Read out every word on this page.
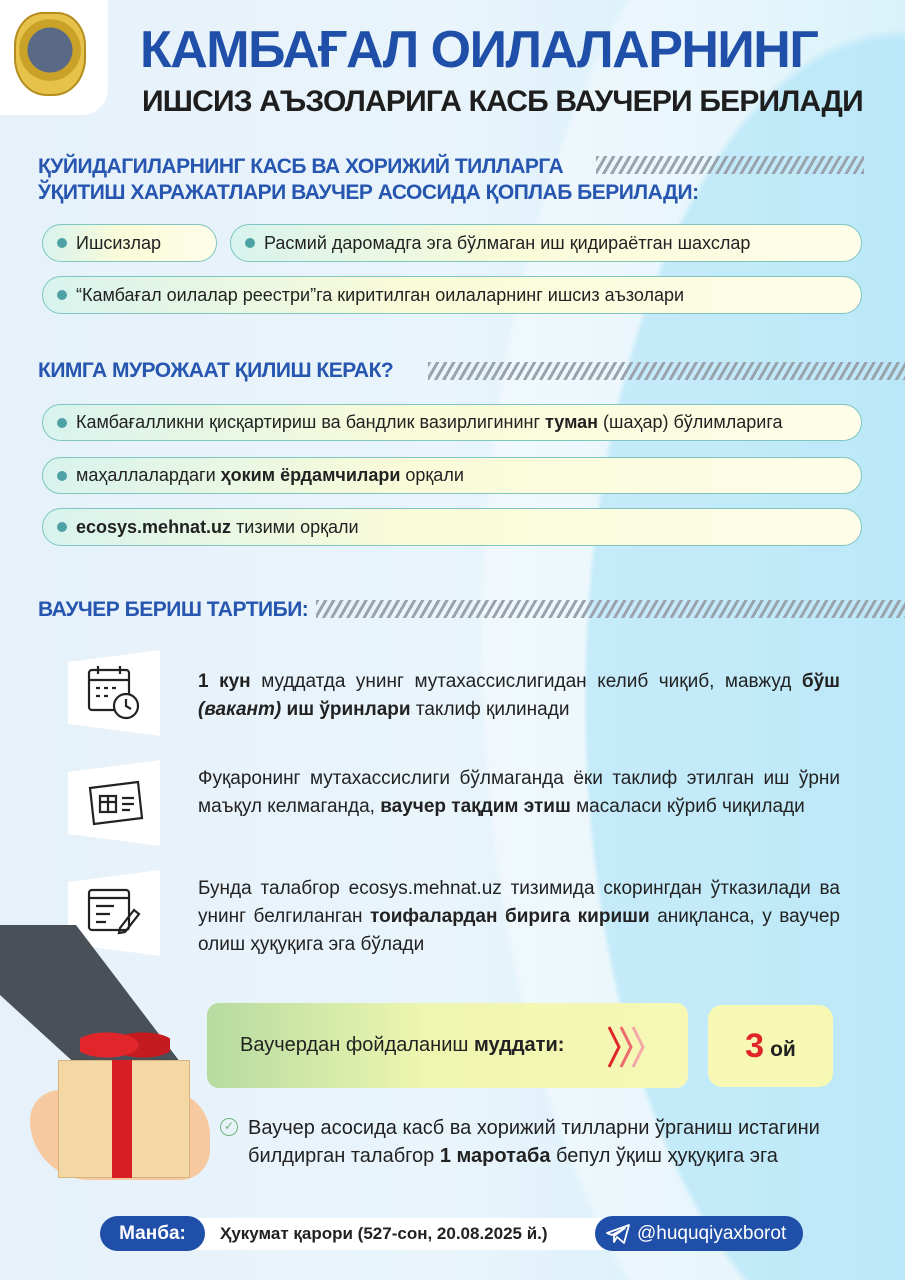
КАМБАҒАЛ ОИЛАЛАРНИНГ
ИШСИЗ АЪЗОЛАРИГА КАСБ ВАУЧЕРИ БЕРИЛАДИ
ҚУЙИДАГИЛАРНИНГ КАСБ ВА ХОРИЖИЙ ТИЛЛАРГА
ЎҚИТИШ ХАРАЖАТЛАРИ ВАУЧЕР АСОСИДА ҚОПЛАБ БЕРИЛАДИ:
Ишсизлар	Расмий даромадга эга бўлмаган иш қидираётган шахслар
“Камбағал оилалар реестри”га киритилган оилаларнинг ишсиз аъзолари
КИМГА МУРОЖААТ ҚИЛИШ КЕРАК?
Камбағалликни қисқартириш ва бандлик вазирлигининг туман (шаҳар) бўлимларига
маҳаллалардаги ҳоким ёрдамчилари орқали
ecosys.mehnat.uz тизими орқали
ВАУЧЕР БЕРИШ ТАРТИБИ:
1 кун муддатда унинг мутахассислигидан келиб чиқиб, мавжуд бўш (вакант) иш ўринлари таклиф қилинади
Фуқаронинг мутахассислиги бўлмаганда ёки таклиф этилган иш ўрни маъқул келмаганда, ваучер тақдим этиш масаласи кўриб чиқилади
Бунда талабгор ecosys.mehnat.uz тизимида скорингдан ўтказилади ва унинг белгиланган тоифалардан бирига кириши аниқланса, у ваучер олиш ҳуқуқига эга бўлади
Ваучердан фойдаланиш муддати:	3 ой
✓ Ваучер асосида касб ва хорижий тилларни ўрганиш истагини билдирган талабгор 1 маротаба бепул ўқиш ҳуқуқига эга
Ҳукумат қарори (527-сон, 20.08.2025 й.)
Манба:	@huquqiyaxborot
